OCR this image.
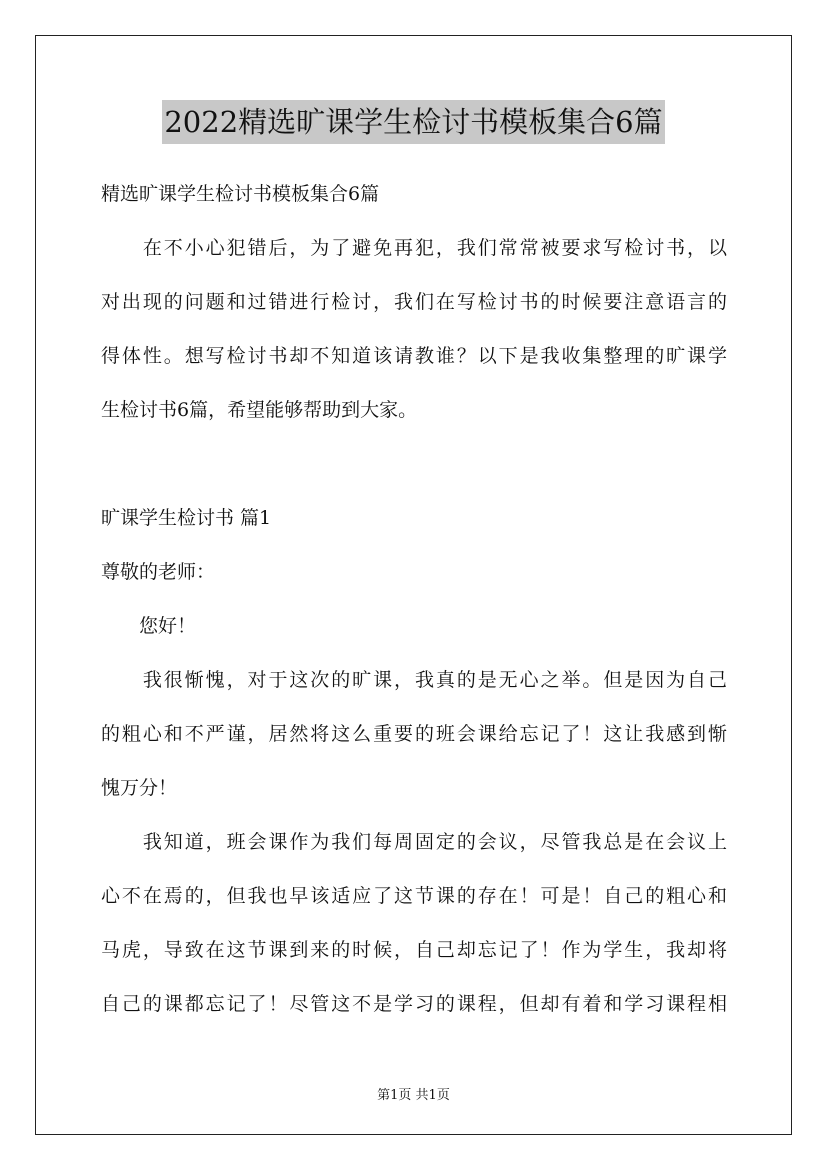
2022精选旷课学生检讨书模板集合6篇
精选旷课学生检讨书模板集合6篇
　　在不小心犯错后，为了避免再犯，我们常常被要求写检讨书，以
对出现的问题和过错进行检讨，我们在写检讨书的时候要注意语言的
得体性。想写检讨书却不知道该请教谁？以下是我收集整理的旷课学
生检讨书6篇，希望能够帮助到大家。
旷课学生检讨书 篇1
尊敬的老师：
　　您好！
　　我很惭愧，对于这次的旷课，我真的是无心之举。但是因为自己
的粗心和不严谨，居然将这么重要的班会课给忘记了！这让我感到惭
愧万分！
　　我知道，班会课作为我们每周固定的会议，尽管我总是在会议上
心不在焉的，但我也早该适应了这节课的存在！可是！自己的粗心和
马虎，导致在这节课到来的时候，自己却忘记了！作为学生，我却将
自己的课都忘记了！尽管这不是学习的课程，但却有着和学习课程相
第1页 共1页
